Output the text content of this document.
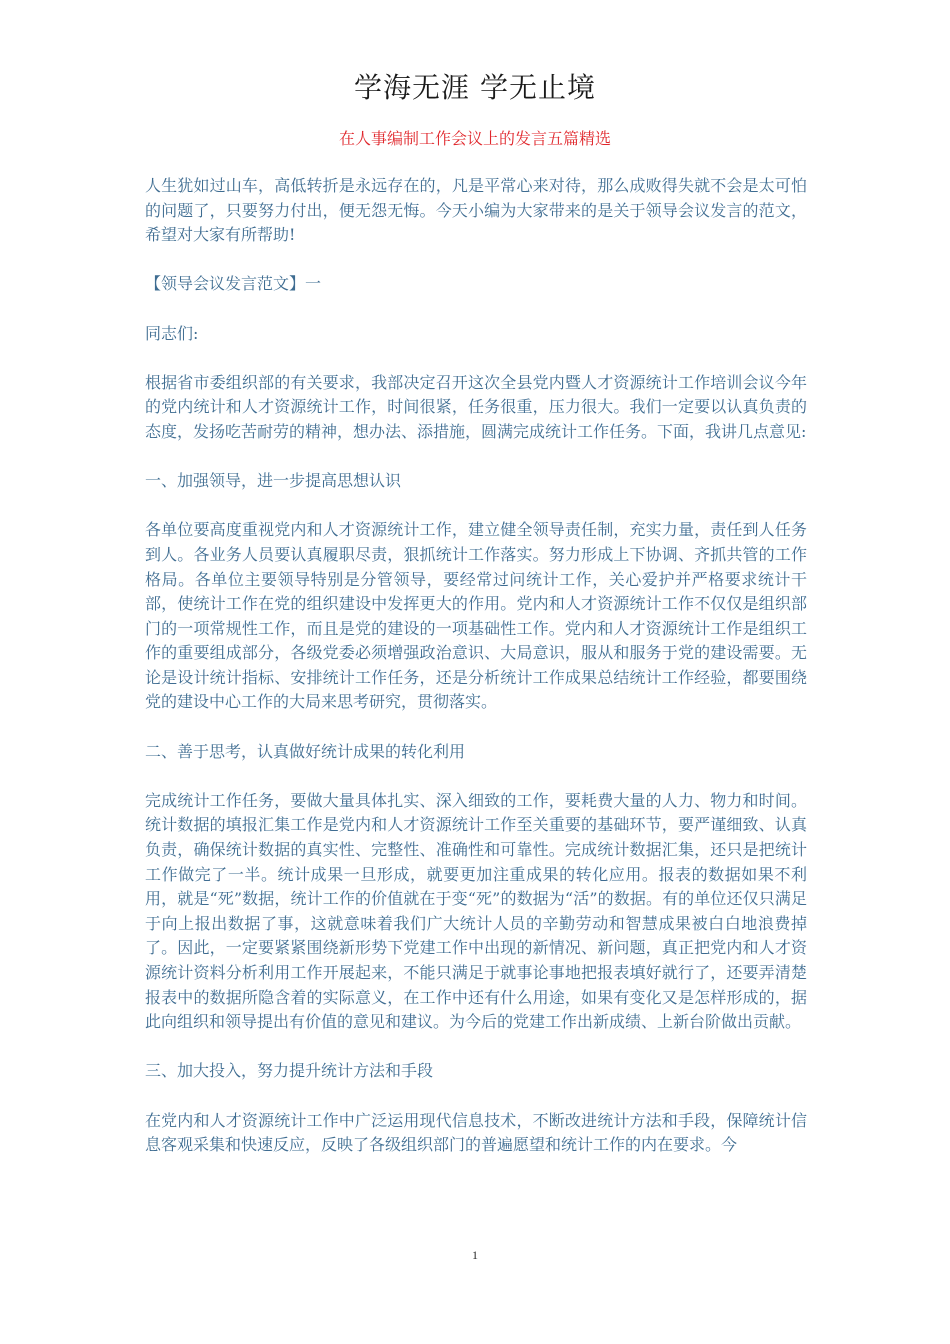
学海无涯 学无止境
在人事编制工作会议上的发言五篇精选

人生犹如过山车，高低转折是永远存在的，凡是平常心来对待，那么成败得失就不会是太可怕的问题了，只要努力付出，便无怨无悔。今天小编为大家带来的是关于领导会议发言的范文，希望对大家有所帮助!

【领导会议发言范文】一

同志们:

根据省市委组织部的有关要求，我部决定召开这次全县党内暨人才资源统计工作培训会议今年的党内统计和人才资源统计工作，时间很紧，任务很重，压力很大。我们一定要以认真负责的态度，发扬吃苦耐劳的精神，想办法、添措施，圆满完成统计工作任务。下面，我讲几点意见:

一、加强领导，进一步提高思想认识

各单位要高度重视党内和人才资源统计工作，建立健全领导责任制，充实力量，责任到人任务到人。各业务人员要认真履职尽责，狠抓统计工作落实。努力形成上下协调、齐抓共管的工作格局。各单位主要领导特别是分管领导，要经常过问统计工作，关心爱护并严格要求统计干部，使统计工作在党的组织建设中发挥更大的作用。党内和人才资源统计工作不仅仅是组织部门的一项常规性工作，而且是党的建设的一项基础性工作。党内和人才资源统计工作是组织工作的重要组成部分，各级党委必须增强政治意识、大局意识，服从和服务于党的建设需要。无论是设计统计指标、安排统计工作任务，还是分析统计工作成果总结统计工作经验，都要围绕党的建设中心工作的大局来思考研究，贯彻落实。

二、善于思考，认真做好统计成果的转化利用

完成统计工作任务，要做大量具体扎实、深入细致的工作，要耗费大量的人力、物力和时间。统计数据的填报汇集工作是党内和人才资源统计工作至关重要的基础环节，要严谨细致、认真负责，确保统计数据的真实性、完整性、准确性和可靠性。完成统计数据汇集，还只是把统计工作做完了一半。统计成果一旦形成，就要更加注重成果的转化应用。报表的数据如果不利用，就是“死”数据，统计工作的价值就在于变“死”的数据为“活”的数据。有的单位还仅只满足于向上报出数据了事，这就意味着我们广大统计人员的辛勤劳动和智慧成果被白白地浪费掉了。因此，一定要紧紧围绕新形势下党建工作中出现的新情况、新问题，真正把党内和人才资源统计资料分析利用工作开展起来，不能只满足于就事论事地把报表填好就行了，还要弄清楚报表中的数据所隐含着的实际意义，在工作中还有什么用途，如果有变化又是怎样形成的，据此向组织和领导提出有价值的意见和建议。为今后的党建工作出新成绩、上新台阶做出贡献。

三、加大投入，努力提升统计方法和手段

在党内和人才资源统计工作中广泛运用现代信息技术，不断改进统计方法和手段，保障统计信息客观采集和快速反应，反映了各级组织部门的普遍愿望和统计工作的内在要求。今

1
